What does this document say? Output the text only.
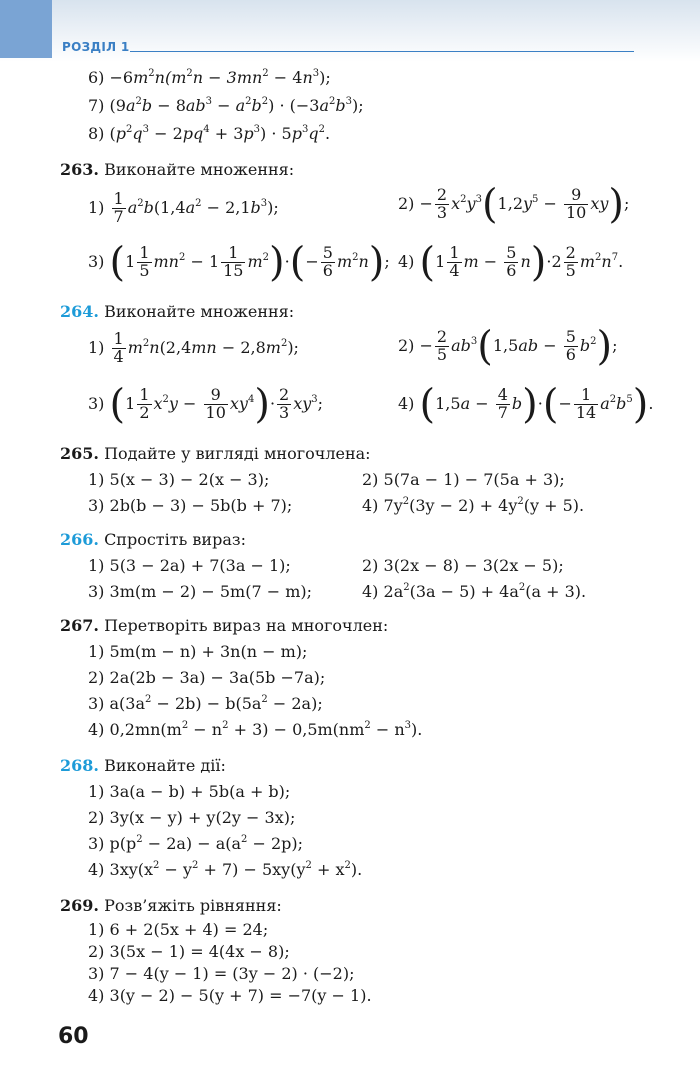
РОЗДІЛ 1
$6) -6m^2n(m^2n - 3mn^2 - 4n^3)$;
7) $(9a^2b - 8ab^3 - a^2b^2) \cdot (-3a^2b^3)$;
8) $(p^2q^3 - 2pq^4 + 3p^3) \cdot 5p^3q^2$.
263. Виконайте множення:
$1) \frac{1}{7} a^2b(1,4a^2 - 2,1b^3)$;	$2) - \frac{2}{3} x^2y^3(1,2y^5 - \frac{9}{10} xy)$;
3) $(1 \frac{1}{5} mn^2 - 1 \frac{1}{15} m^2)\cdot(- \frac{5}{6} m^2n)$; 4) ($1 \frac{1}{4}$ $m - \frac{5}{6} n)\cdot 2 \frac{2}{5} m^2n^7$.
264. Виконайте множення:
$1) \frac{1}{4} m^2n(2,4mn - 2,8m^2)$;	$2) - \frac{2}{5} ab^3(1,5ab - \frac{5}{6} b^2)$;
3) $(1 \frac{1}{2} x^2y - \frac{9}{10} xy^4)\cdot \frac{2}{3} xy^3$;	4) $(1,5a - \frac{4}{7} b)\cdot(- \frac{1}{14} a^2b^5)$.
265. Подайте у вигляді многочлена:
1) 5(x − 3) − 2(x − 3);	2) 5(7a − 1) − 7(5a + 3);
3) 2b(b − 3) − 5b(b + 7);	4) $7y^2(3y - 2) + 4y^2(y + 5)$.
266. Спростіть вираз:
1) 5(3 − 2a) + 7(3a − 1);	2) 3(2x − 8) − 3(2x − 5);
3) 3m(m − 2) − 5m(7 − m);	4) $2a^2(3a - 5) + 4a^2(a + 3)$.
267. Перетворіть вираз на многочлен:
1) 5m(m − n) + 3n(n − m);
2) 2a(2b − 3a) − 3a(5b −7a);
3) $a(3a^2 - 2b) - b(5a^2 - 2a)$;
4) $0,2mn(m^2 - n^2 + 3) - 0,5m(nm^2 - n^3)$.
268. Виконайте дії:
1) 3a(a − b) + 5b(a + b);
2) 3y(x − y) + y(2y − 3x);
3) $p(p^2 - 2a) - a(a^2 - 2p)$;
4) $3xy(x^2 - y^2 + 7) - 5xy(y^2 + x^2)$.
269. Розв’яжіть рівняння:
1) 6 + 2(5x + 4) = 24;
2) 3(5x − 1) = 4(4x − 8);
3) 7 − 4(y − 1) = (3y − 2) · (−2);
4) 3(y − 2) − 5(y + 7) = −7(y − 1).
60
